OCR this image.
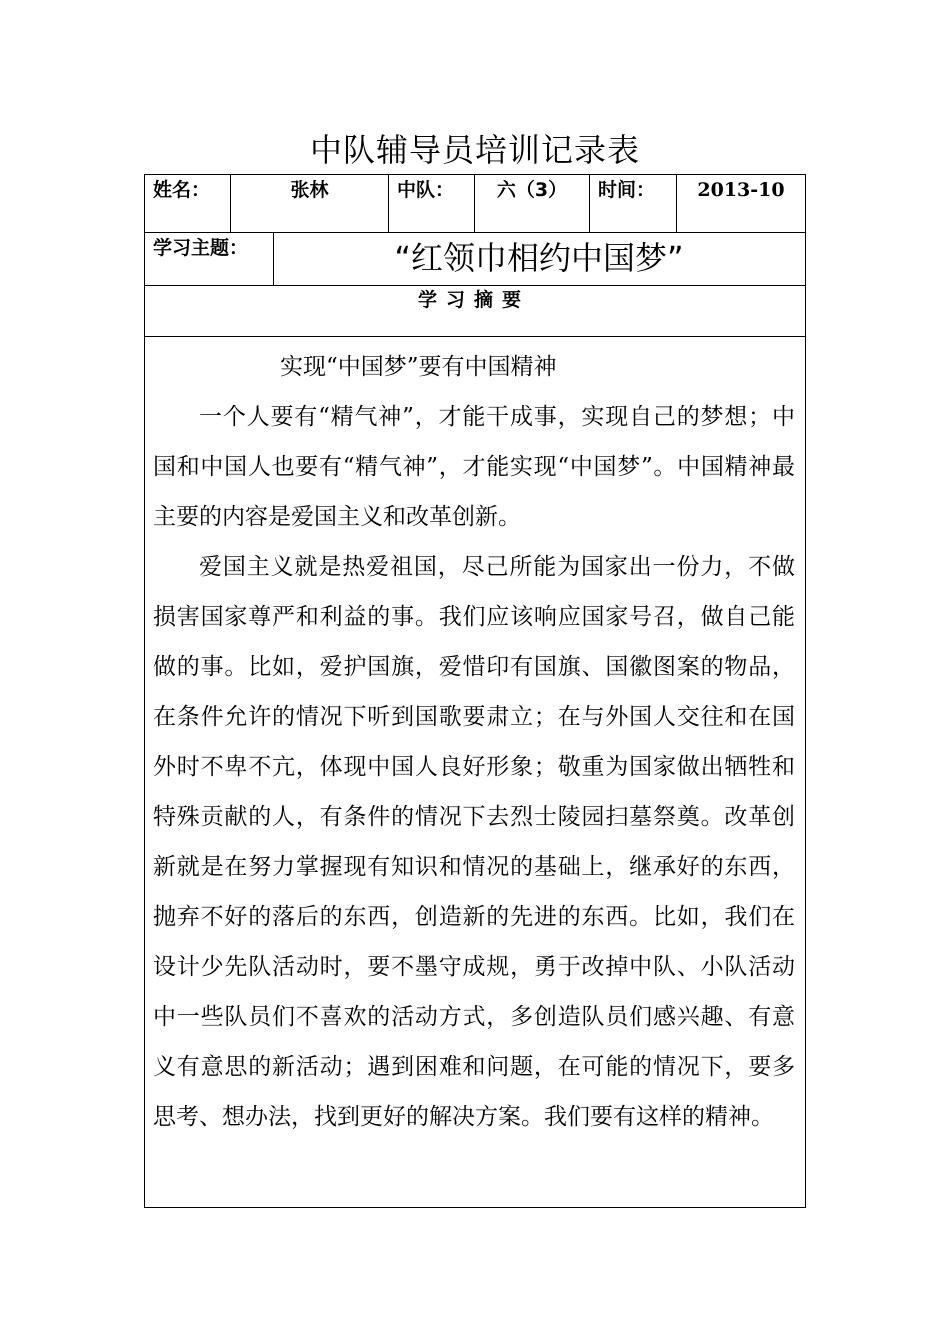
中队辅导员培训记录表
姓名：	张林	中队：	六（3）	时间：	2013-10
学习主题：	“红领巾相约中国梦”
学习摘要

实现“中国梦”要有中国精神

一个人要有“精气神”，才能干成事，实现自己的梦想；中国和中国人也要有“精气神”，才能实现“中国梦”。中国精神最主要的内容是爱国主义和改革创新。

爱国主义就是热爱祖国，尽己所能为国家出一份力，不做损害国家尊严和利益的事。我们应该响应国家号召，做自己能做的事。比如，爱护国旗，爱惜印有国旗、国徽图案的物品，在条件允许的情况下听到国歌要肃立；在与外国人交往和在国外时不卑不亢，体现中国人良好形象；敬重为国家做出牺牲和特殊贡献的人，有条件的情况下去烈士陵园扫墓祭奠。改革创新就是在努力掌握现有知识和情况的基础上，继承好的东西，抛弃不好的落后的东西，创造新的先进的东西。比如，我们在设计少先队活动时，要不墨守成规，勇于改掉中队、小队活动中一些队员们不喜欢的活动方式，多创造队员们感兴趣、有意义有意思的新活动；遇到困难和问题，在可能的情况下，要多思考、想办法，找到更好的解决方案。我们要有这样的精神。
